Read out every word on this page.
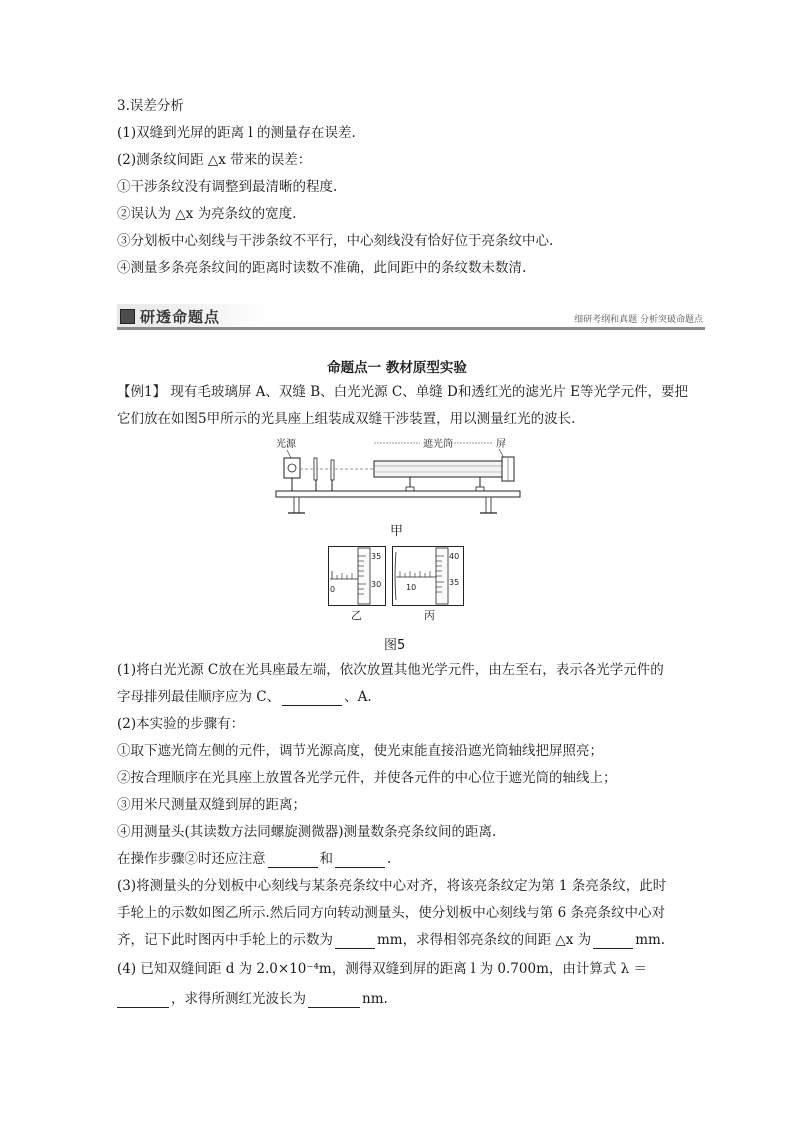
3.误差分析
(1)双缝到光屏的距离 l 的测量存在误差.
(2)测条纹间距 △x 带来的误差：
①干涉条纹没有调整到最清晰的程度.
②误认为 △x 为亮条纹的宽度.
③分划板中心刻线与干涉条纹不平行，中心刻线没有恰好位于亮条纹中心.
④测量多条亮条纹间的距离时读数不准确，此间距中的条纹数未数清.
研透命题点	细研考纲和真题 分析突破命题点
命题点一 教材原型实验
【例1】 现有毛玻璃屏 A、双缝 B、白光光源 C、单缝 D和透红光的滤光片 E等光学元件，要把
它们放在如图5甲所示的光具座上组装成双缝干涉装置，用以测量红光的波长.
光源	遮光筒	屏
甲
0
35
30	10
40
35
乙	丙
图5
(1)将白光光源 C放在光具座最左端，依次放置其他光学元件，由左至右，表示各光学元件的
字母排列最佳顺序应为 C、	、A.
(2)本实验的步骤有：
①取下遮光筒左侧的元件，调节光源高度，使光束能直接沿遮光筒轴线把屏照亮；
②按合理顺序在光具座上放置各光学元件，并使各元件的中心位于遮光筒的轴线上；
③用米尺测量双缝到屏的距离；
④用测量头(其读数方法同螺旋测微器)测量数条亮条纹间的距离.
在操作步骤②时还应注意	和	.
(3)将测量头的分划板中心刻线与某条亮条纹中心对齐，将该亮条纹定为第 1 条亮条纹，此时
手轮上的示数如图乙所示.然后同方向转动测量头，使分划板中心刻线与第 6 条亮条纹中心对
齐，记下此时图丙中手轮上的示数为	mm，求得相邻亮条纹的间距 △x 为	mm.
(4) 已知双缝间距 d 为 2.0×10⁻⁴m，测得双缝到屏的距离 l 为 0.700m，由计算式 λ ＝
，求得所测红光波长为	nm.
